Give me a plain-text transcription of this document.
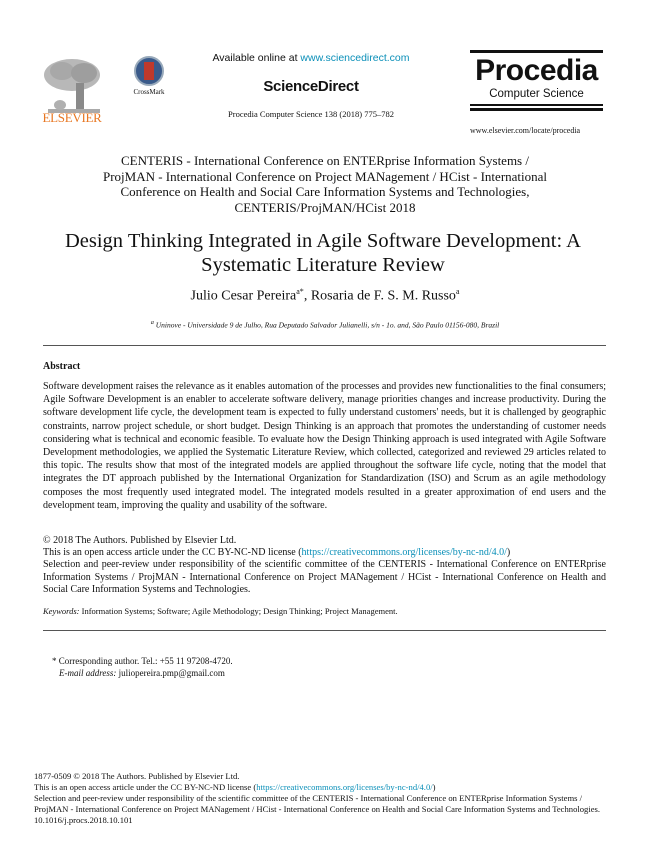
ELSEVIER
CrossMark
Available online at www.sciencedirect.com
ScienceDirect
Procedia Computer Science 138 (2018) 775–782
Procedia
Computer Science
www.elsevier.com/locate/procedia
CENTERIS - International Conference on ENTERprise Information Systems /
ProjMAN - International Conference on Project MANagement / HCist - International
Conference on Health and Social Care Information Systems and Technologies,
CENTERIS/ProjMAN/HCist 2018
Design Thinking Integrated in Agile Software Development: A
Systematic Literature Review
Julio Cesar Pereira$^{a*}$, Rosaria de F. S. M. Russo$^a$
$^a$ Uninove - Universidade 9 de Julho, Rua Deputado Salvador Julianelli, s/n - 1o. and, São Paulo 01156-080, Brazil
Abstract
Software development raises the relevance as it enables automation of the processes and provides new functionalities to the final consumers; Agile Software Development is an enabler to accelerate software delivery, manage priorities changes and increase productivity. During the software development life cycle, the development team is expected to fully understand customers' needs, but it is challenged by geographic constraints, narrow project schedule, or short budget. Design Thinking is an approach that promotes the understanding of customer needs considering what is technical and economic feasible. To evaluate how the Design Thinking approach is used integrated with Agile Software Development methodologies, we applied the Systematic Literature Review, which collected, categorized and reviewed 29 articles related to this topic. The results show that most of the integrated models are applied throughout the software life cycle, noting that the model that integrates the DT approach published by the International Organization for Standardization (ISO) and Scrum as an agile methodology composes the most frequently used integrated model. The integrated models resulted in a greater approximation of end users and the development team, improving the quality and usability of the software.
© 2018 The Authors. Published by Elsevier Ltd.
This is an open access article under the CC BY-NC-ND license (https://creativecommons.org/licenses/by-nc-nd/4.0/)
Selection and peer-review under responsibility of the scientific committee of the CENTERIS - International Conference on ENTERprise Information Systems / ProjMAN - International Conference on Project MANagement / HCist - International Conference on Health and Social Care Information Systems and Technologies.
Keywords: Information Systems; Software; Agile Methodology; Design Thinking; Project Management.
* Corresponding author. Tel.: +55 11 97208-4720.
E-mail address: juliopereira.pmp@gmail.com
1877-0509 © 2018 The Authors. Published by Elsevier Ltd.
This is an open access article under the CC BY-NC-ND license (https://creativecommons.org/licenses/by-nc-nd/4.0/)
Selection and peer-review under responsibility of the scientific committee of the CENTERIS - International Conference on ENTERprise Information Systems / ProjMAN - International Conference on Project MANagement / HCist - International Conference on Health and Social Care Information Systems and Technologies.
10.1016/j.procs.2018.10.101
